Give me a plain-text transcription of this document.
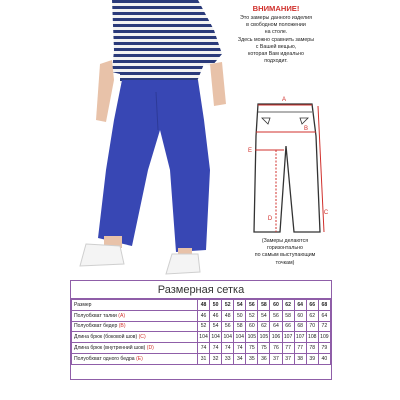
ВНИМАНИЕ!
Это замеры данного изделия
в свободном положении
на столе.
Здесь можно сравнить замеры
с Вашей вещью,
которая Вам идеально
подходит.
A
B
E
D
C
(Замеры делаются
горизонтально
по самым выступающим
точкам)
Размерная сетка
Размер	48	50	52	54	56	58	60	62	64	66	68
Полуобхват талии (A)	46	46	48	50	52	54	56	58	60	62	64
Полуобхват бедер (B)	52	54	56	58	60	62	64	66	68	70	72
Длина брюк (боковой шов) (C)	104	104	104	104	105	105	106	107	107	108	109
Длина брюк (внутренний шов) (D)	74	74	74	74	75	75	76	77	77	78	79
Полуобхват одного бедра (E)	31	32	33	34	35	36	37	37	38	39	40
